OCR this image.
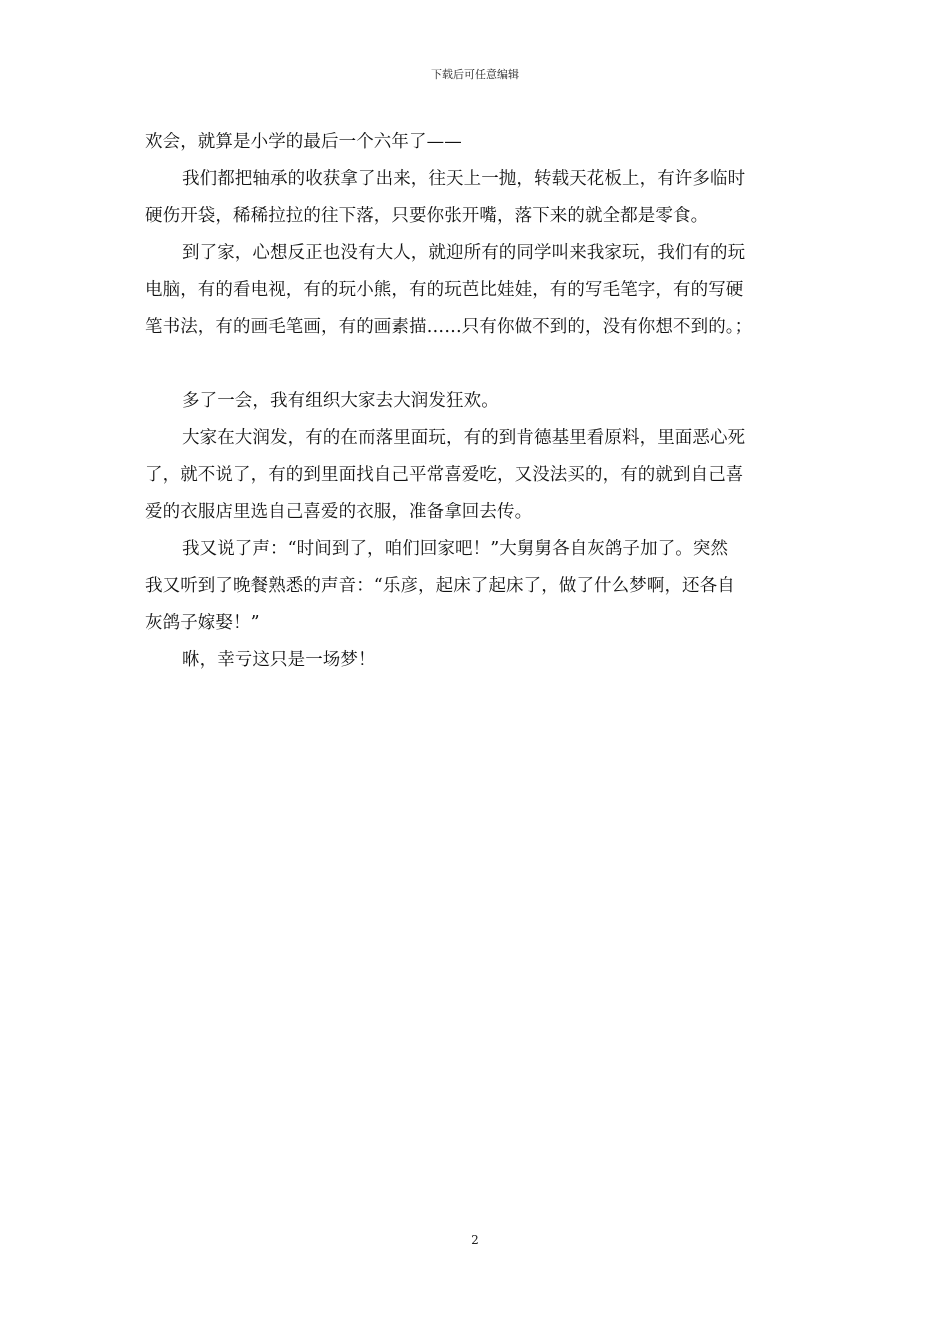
下载后可任意编辑
欢会，就算是小学的最后一个六年了——
我们都把轴承的收获拿了出来，往天上一抛，转载天花板上，有许多临时
硬伤开袋，稀稀拉拉的往下落，只要你张开嘴，落下来的就全都是零食。
到了家，心想反正也没有大人，就迎所有的同学叫来我家玩，我们有的玩
电脑，有的看电视，有的玩小熊，有的玩芭比娃娃，有的写毛笔字，有的写硬
笔书法，有的画毛笔画，有的画素描……只有你做不到的，没有你想不到的。；
多了一会，我有组织大家去大润发狂欢。
大家在大润发，有的在而落里面玩，有的到肯德基里看原料，里面恶心死
了，就不说了，有的到里面找自己平常喜爱吃，又没法买的，有的就到自己喜
爱的衣服店里选自己喜爱的衣服，准备拿回去传。
我又说了声：“时间到了，咱们回家吧！”大舅舅各自灰鸽子加了。突然
我又听到了晚餐熟悉的声音：“乐彦，起床了起床了，做了什么梦啊，还各自
灰鸽子嫁娶！”
咻，幸亏这只是一场梦！
2
